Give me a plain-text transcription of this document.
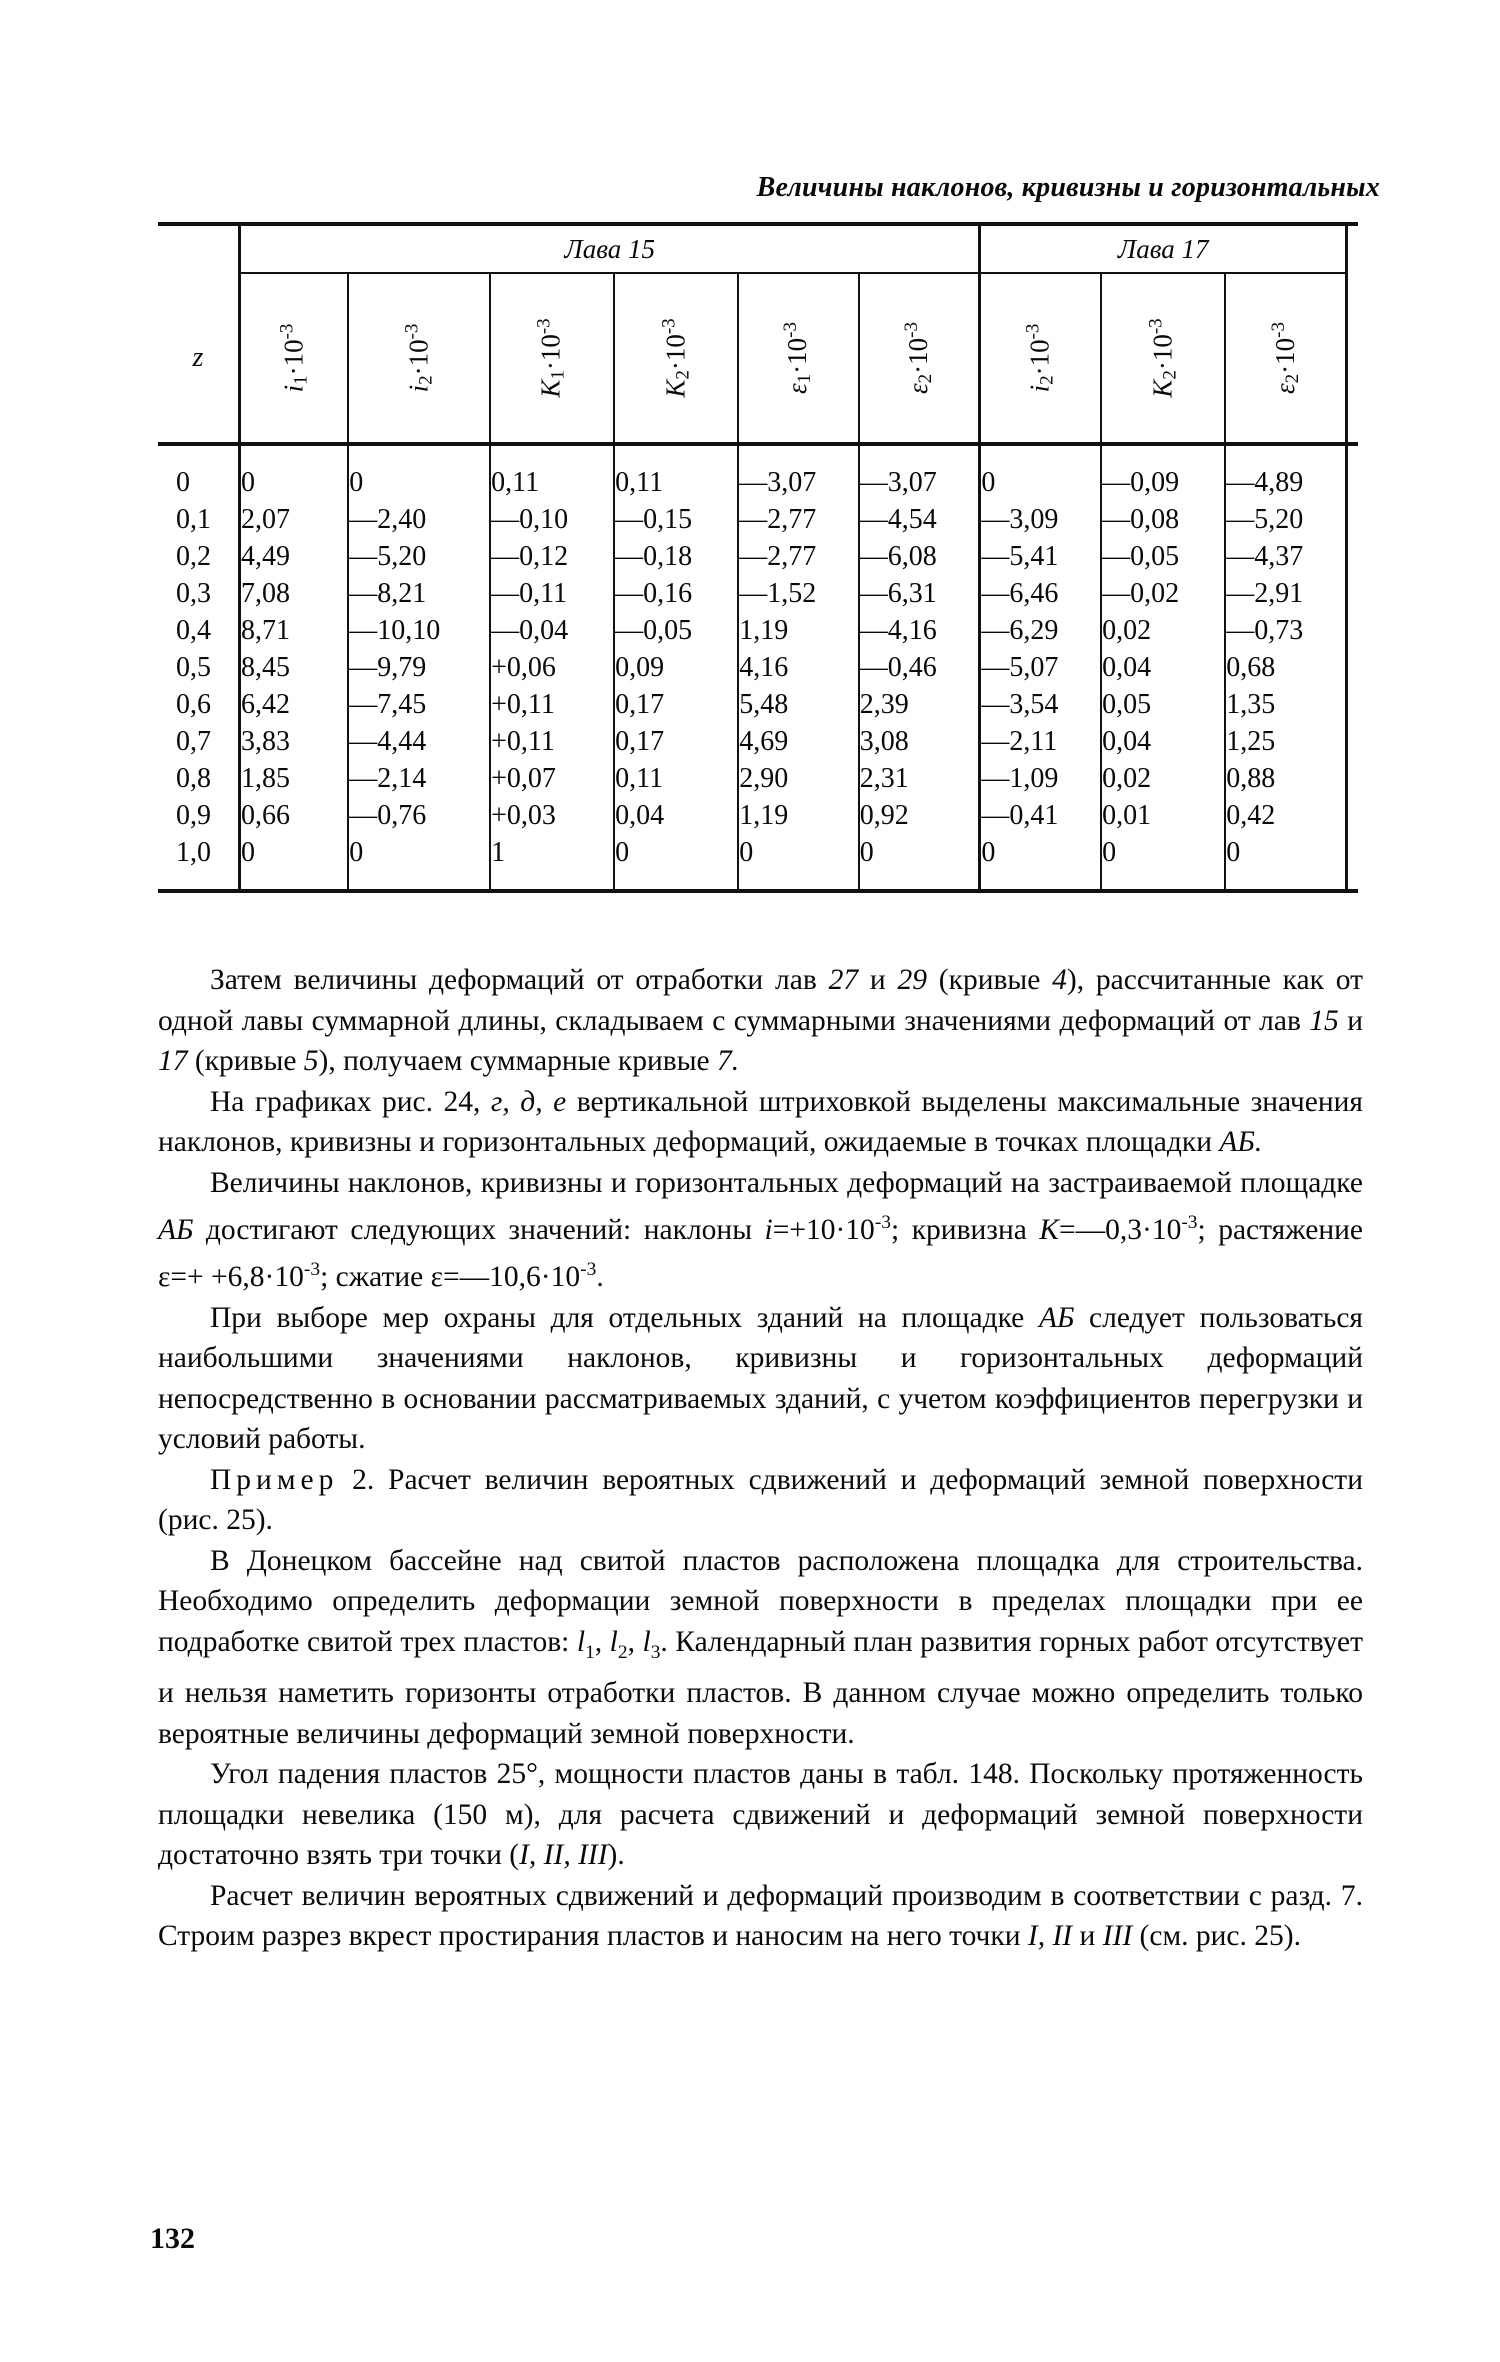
Величины наклонов, кривизны и горизонтальных
	Лава 15						Лава 17			
z	$i_1\cdot 10^{-3}$	$i_2\cdot 10^{-3}$	$K_1\cdot 10^{-3}$	$K_2\cdot 10^{-3}$	$\varepsilon_1\cdot 10^{-3}$	$\varepsilon_2\cdot 10^{-3}$	$i_2\cdot 10^{-3}$	$K_2\cdot 10^{-3}$	$\varepsilon_2\cdot 10^{-3}$	

0	0	0	0,11	0,11	—3,07	—3,07	0	—0,09	—4,89	
0,1	2,07	—2,40	—0,10	—0,15	—2,77	—4,54	—3,09	—0,08	—5,20	
0,2	4,49	—5,20	—0,12	—0,18	—2,77	—6,08	—5,41	—0,05	—4,37	
0,3	7,08	—8,21	—0,11	—0,16	—1,52	—6,31	—6,46	—0,02	—2,91	
0,4	8,71	—10,10	—0,04	—0,05	1,19	—4,16	—6,29	0,02	—0,73	
0,5	8,45	—9,79	+0,06	0,09	4,16	—0,46	—5,07	0,04	0,68	
0,6	6,42	—7,45	+0,11	0,17	5,48	2,39	—3,54	0,05	1,35	
0,7	3,83	—4,44	+0,11	0,17	4,69	3,08	—2,11	0,04	1,25	
0,8	1,85	—2,14	+0,07	0,11	2,90	2,31	—1,09	0,02	0,88	
0,9	0,66	—0,76	+0,03	0,04	1,19	0,92	—0,41	0,01	0,42	
1,0	0	0	1	0	0	0	0	0	0	

Затем величины деформаций от отработки лав 27 и 29 (кривые 4), рассчитанные как от одной лавы суммарной длины, складываем с суммарными значениями деформаций от лав 15 и 17 (кривые 5), получаем суммарные кривые 7.

На графиках рис. 24, г, д, е вертикальной штриховкой выделены максимальные значения наклонов, кривизны и горизонтальных деформаций, ожидаемые в точках площадки АБ.

Величины наклонов, кривизны и горизонтальных деформаций на застраиваемой площадке АБ достигают следующих значений: наклоны $i=+10\cdot 10^{-3}$; кривизна $K=—0,3\cdot 10^{-3}$; растяжение $\varepsilon=+ +6,8\cdot 10^{-3}$; сжатие $\varepsilon=—10,6\cdot 10^{-3}$.

При выборе мер охраны для отдельных зданий на площадке АБ следует пользоваться наибольшими значениями наклонов, кривизны и горизонтальных деформаций непосредственно в основании рассматриваемых зданий, с учетом коэффициентов перегрузки и условий работы.

Пример 2. Расчет величин вероятных сдвижений и деформаций земной поверхности (рис. 25).

В Донецком бассейне над свитой пластов расположена площадка для строительства. Необходимо определить деформации земной поверхности в пределах площадки при ее подработке свитой трех пластов: $l_1$, $l_2$, $l_3$. Календарный план развития горных работ отсутствует и нельзя наметить горизонты отработки пластов. В данном случае можно определить только вероятные величины деформаций земной поверхности.

Угол падения пластов 25°, мощности пластов даны в табл. 148. Поскольку протяженность площадки невелика (150 м), для расчета сдвижений и деформаций земной поверхности достаточно взять три точки (I, II, III).

Расчет величин вероятных сдвижений и деформаций производим в соответствии с разд. 7. Строим разрез вкрест простирания пластов и наносим на него точки I, II и III (см. рис. 25).

132
